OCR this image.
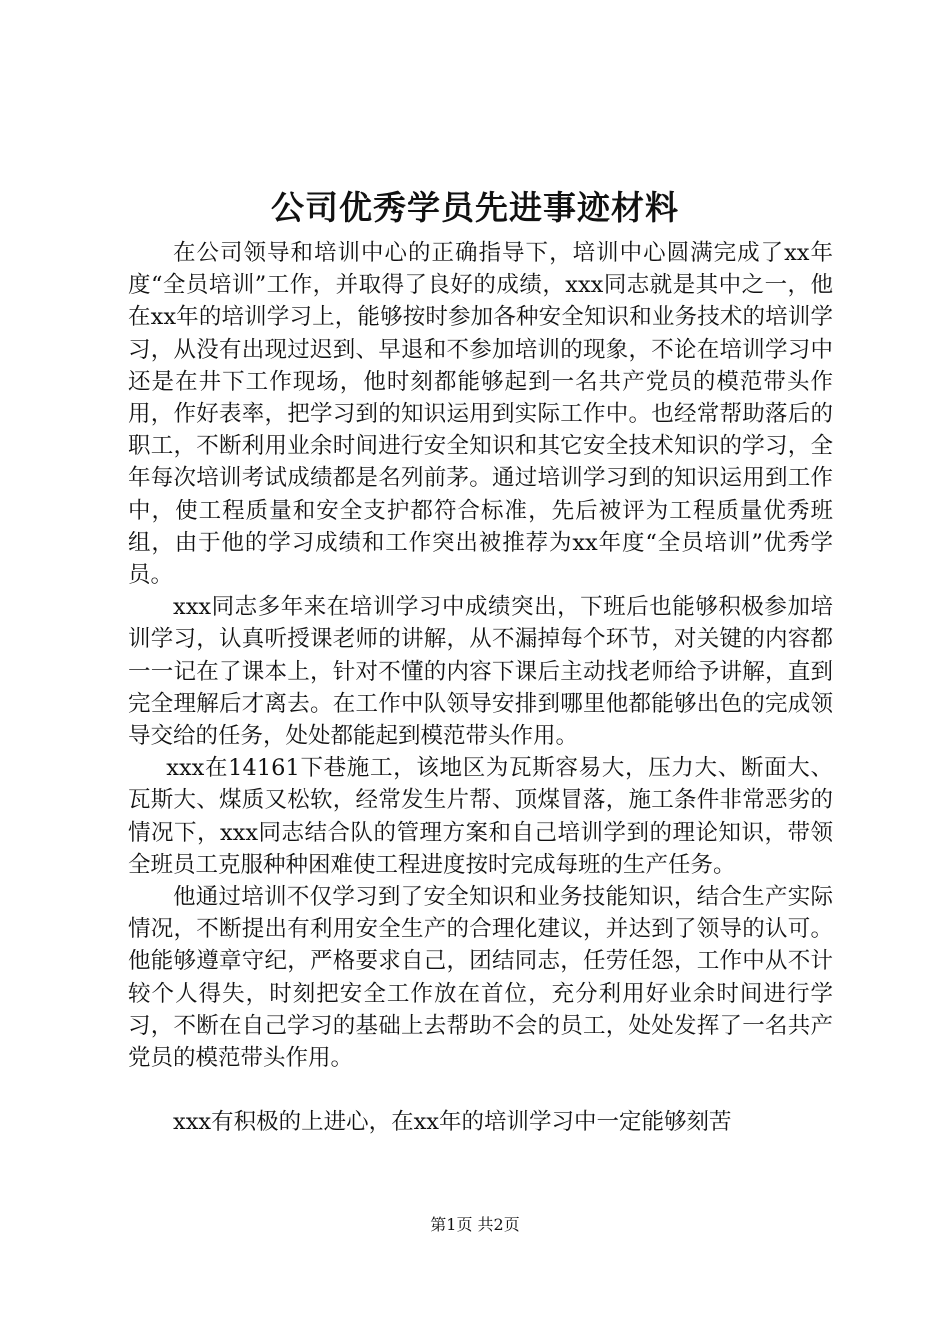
公司优秀学员先进事迹材料

在公司领导和培训中心的正确指导下，培训中心圆满完成了xx年度“全员培训”工作，并取得了良好的成绩，xxx同志就是其中之一，他在xx年的培训学习上，能够按时参加各种安全知识和业务技术的培训学习，从没有出现过迟到、早退和不参加培训的现象，不论在培训学习中还是在井下工作现场，他时刻都能够起到一名共产党员的模范带头作用，作好表率，把学习到的知识运用到实际工作中。也经常帮助落后的职工，不断利用业余时间进行安全知识和其它安全技术知识的学习，全年每次培训考试成绩都是名列前茅。通过培训学习到的知识运用到工作中，使工程质量和安全支护都符合标准，先后被评为工程质量优秀班组，由于他的学习成绩和工作突出被推荐为xx年度“全员培训”优秀学员。

xxx同志多年来在培训学习中成绩突出，下班后也能够积极参加培训学习，认真听授课老师的讲解，从不漏掉每个环节，对关键的内容都一一记在了课本上，针对不懂的内容下课后主动找老师给予讲解，直到完全理解后才离去。在工作中队领导安排到哪里他都能够出色的完成领导交给的任务，处处都能起到模范带头作用。

xxx在14161下巷施工，该地区为瓦斯容易大，压力大、断面大、瓦斯大、煤质又松软，经常发生片帮、顶煤冒落，施工条件非常恶劣的情况下，xxx同志结合队的管理方案和自己培训学到的理论知识，带领全班员工克服种种困难使工程进度按时完成每班的生产任务。

他通过培训不仅学习到了安全知识和业务技能知识，结合生产实际情况，不断提出有利用安全生产的合理化建议，并达到了领导的认可。他能够遵章守纪，严格要求自己，团结同志，任劳任怨，工作中从不计较个人得失，时刻把安全工作放在首位，充分利用好业余时间进行学习，不断在自己学习的基础上去帮助不会的员工，处处发挥了一名共产党员的模范带头作用。

xxx有积极的上进心，在xx年的培训学习中一定能够刻苦

第1页 共2页
